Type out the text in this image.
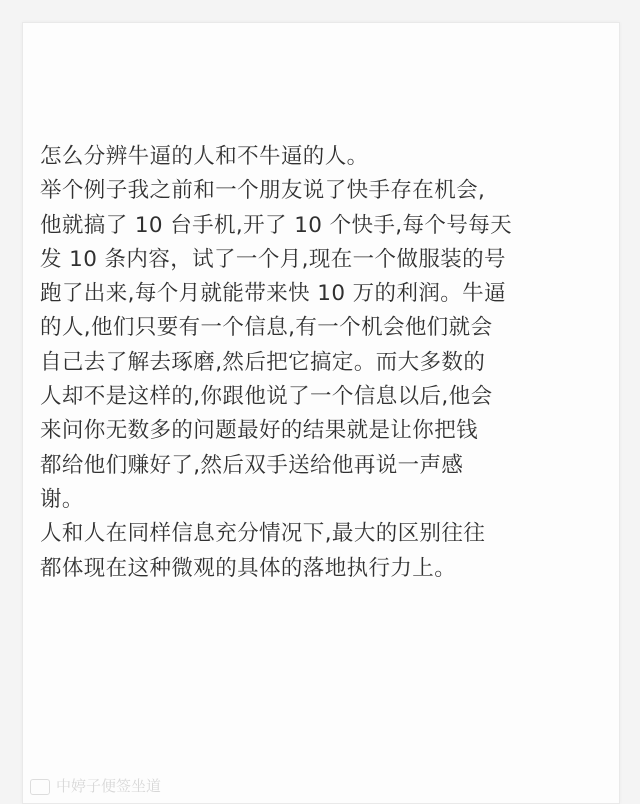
怎么分辨牛逼的人和不牛逼的人。
举个例子我之前和一个朋友说了快手存在机会,
他就搞了 10 台手机,开了 10 个快手,每个号每天
发 10 条内容，试了一个月,现在一个做服装的号
跑了出来,每个月就能带来快 10 万的利润。牛逼
的人,他们只要有一个信息,有一个机会他们就会
自己去了解去琢磨,然后把它搞定。而大多数的
人却不是这样的,你跟他说了一个信息以后,他会
来问你无数多的问题最好的结果就是让你把钱
都给他们赚好了,然后双手送给他再说一声感
谢。
人和人在同样信息充分情况下,最大的区别往往
都体现在这种微观的具体的落地执行力上。
中婷子便签坐道
